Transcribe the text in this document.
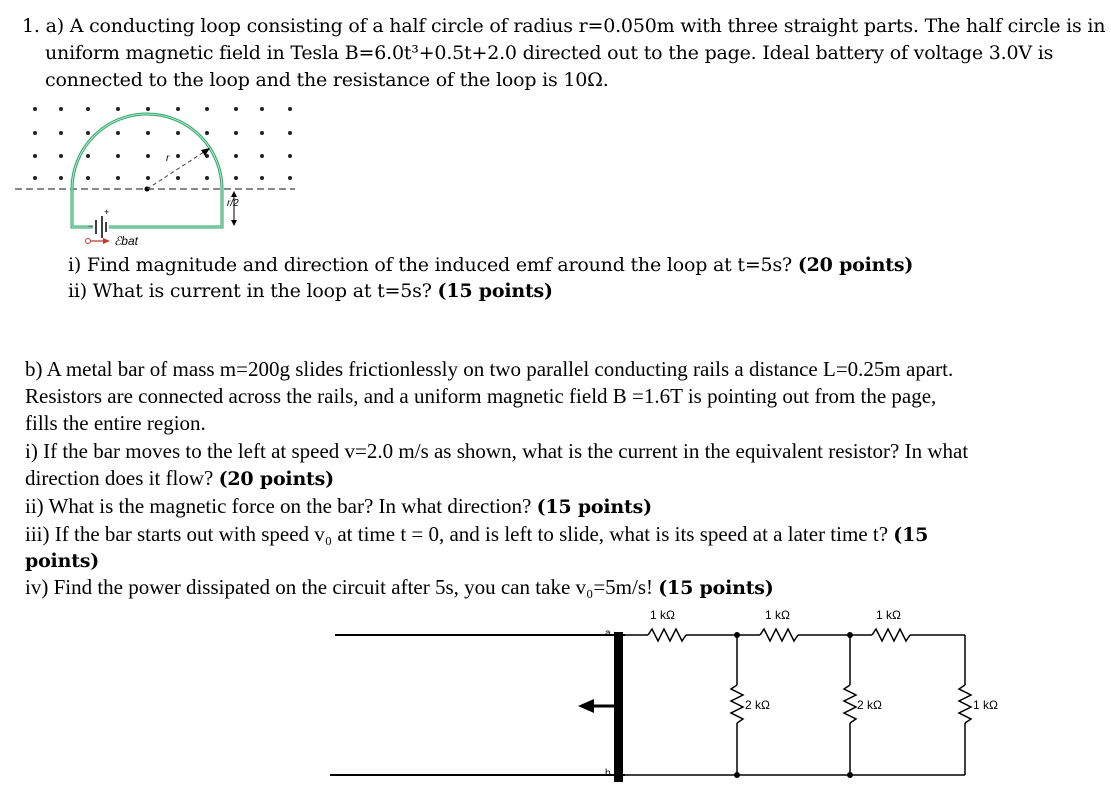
1. a) A conducting loop consisting of a half circle of radius r=0.050m with three straight parts. The half circle is in
uniform magnetic field in Tesla B=6.0t³+0.5t+2.0 directed out to the page. Ideal battery of voltage 3.0V is
connected to the loop and the resistance of the loop is 10Ω.
r
r/2
+
−
ℰbat
i) Find magnitude and direction of the induced emf around the loop at t=5s? (20 points)
ii) What is current in the loop at t=5s? (15 points)
b) A metal bar of mass m=200g slides frictionlessly on two parallel conducting rails a distance L=0.25m apart.
Resistors are connected across the rails, and a uniform magnetic field B =1.6T is pointing out from the page,
fills the entire region.
i) If the bar moves to the left at speed v=2.0 m/s as shown, what is the current in the equivalent resistor? In what
direction does it flow? (20 points)
ii) What is the magnetic force on the bar? In what direction? (15 points)
iii) If the bar starts out with speed v₀ at time t = 0, and is left to slide, what is its speed at a later time t? (15
points)
iv) Find the power dissipated on the circuit after 5s, you can take v₀=5m/s! (15 points)
a
b
1 kΩ	1 kΩ	1 kΩ
2 kΩ	2 kΩ	1 kΩ
